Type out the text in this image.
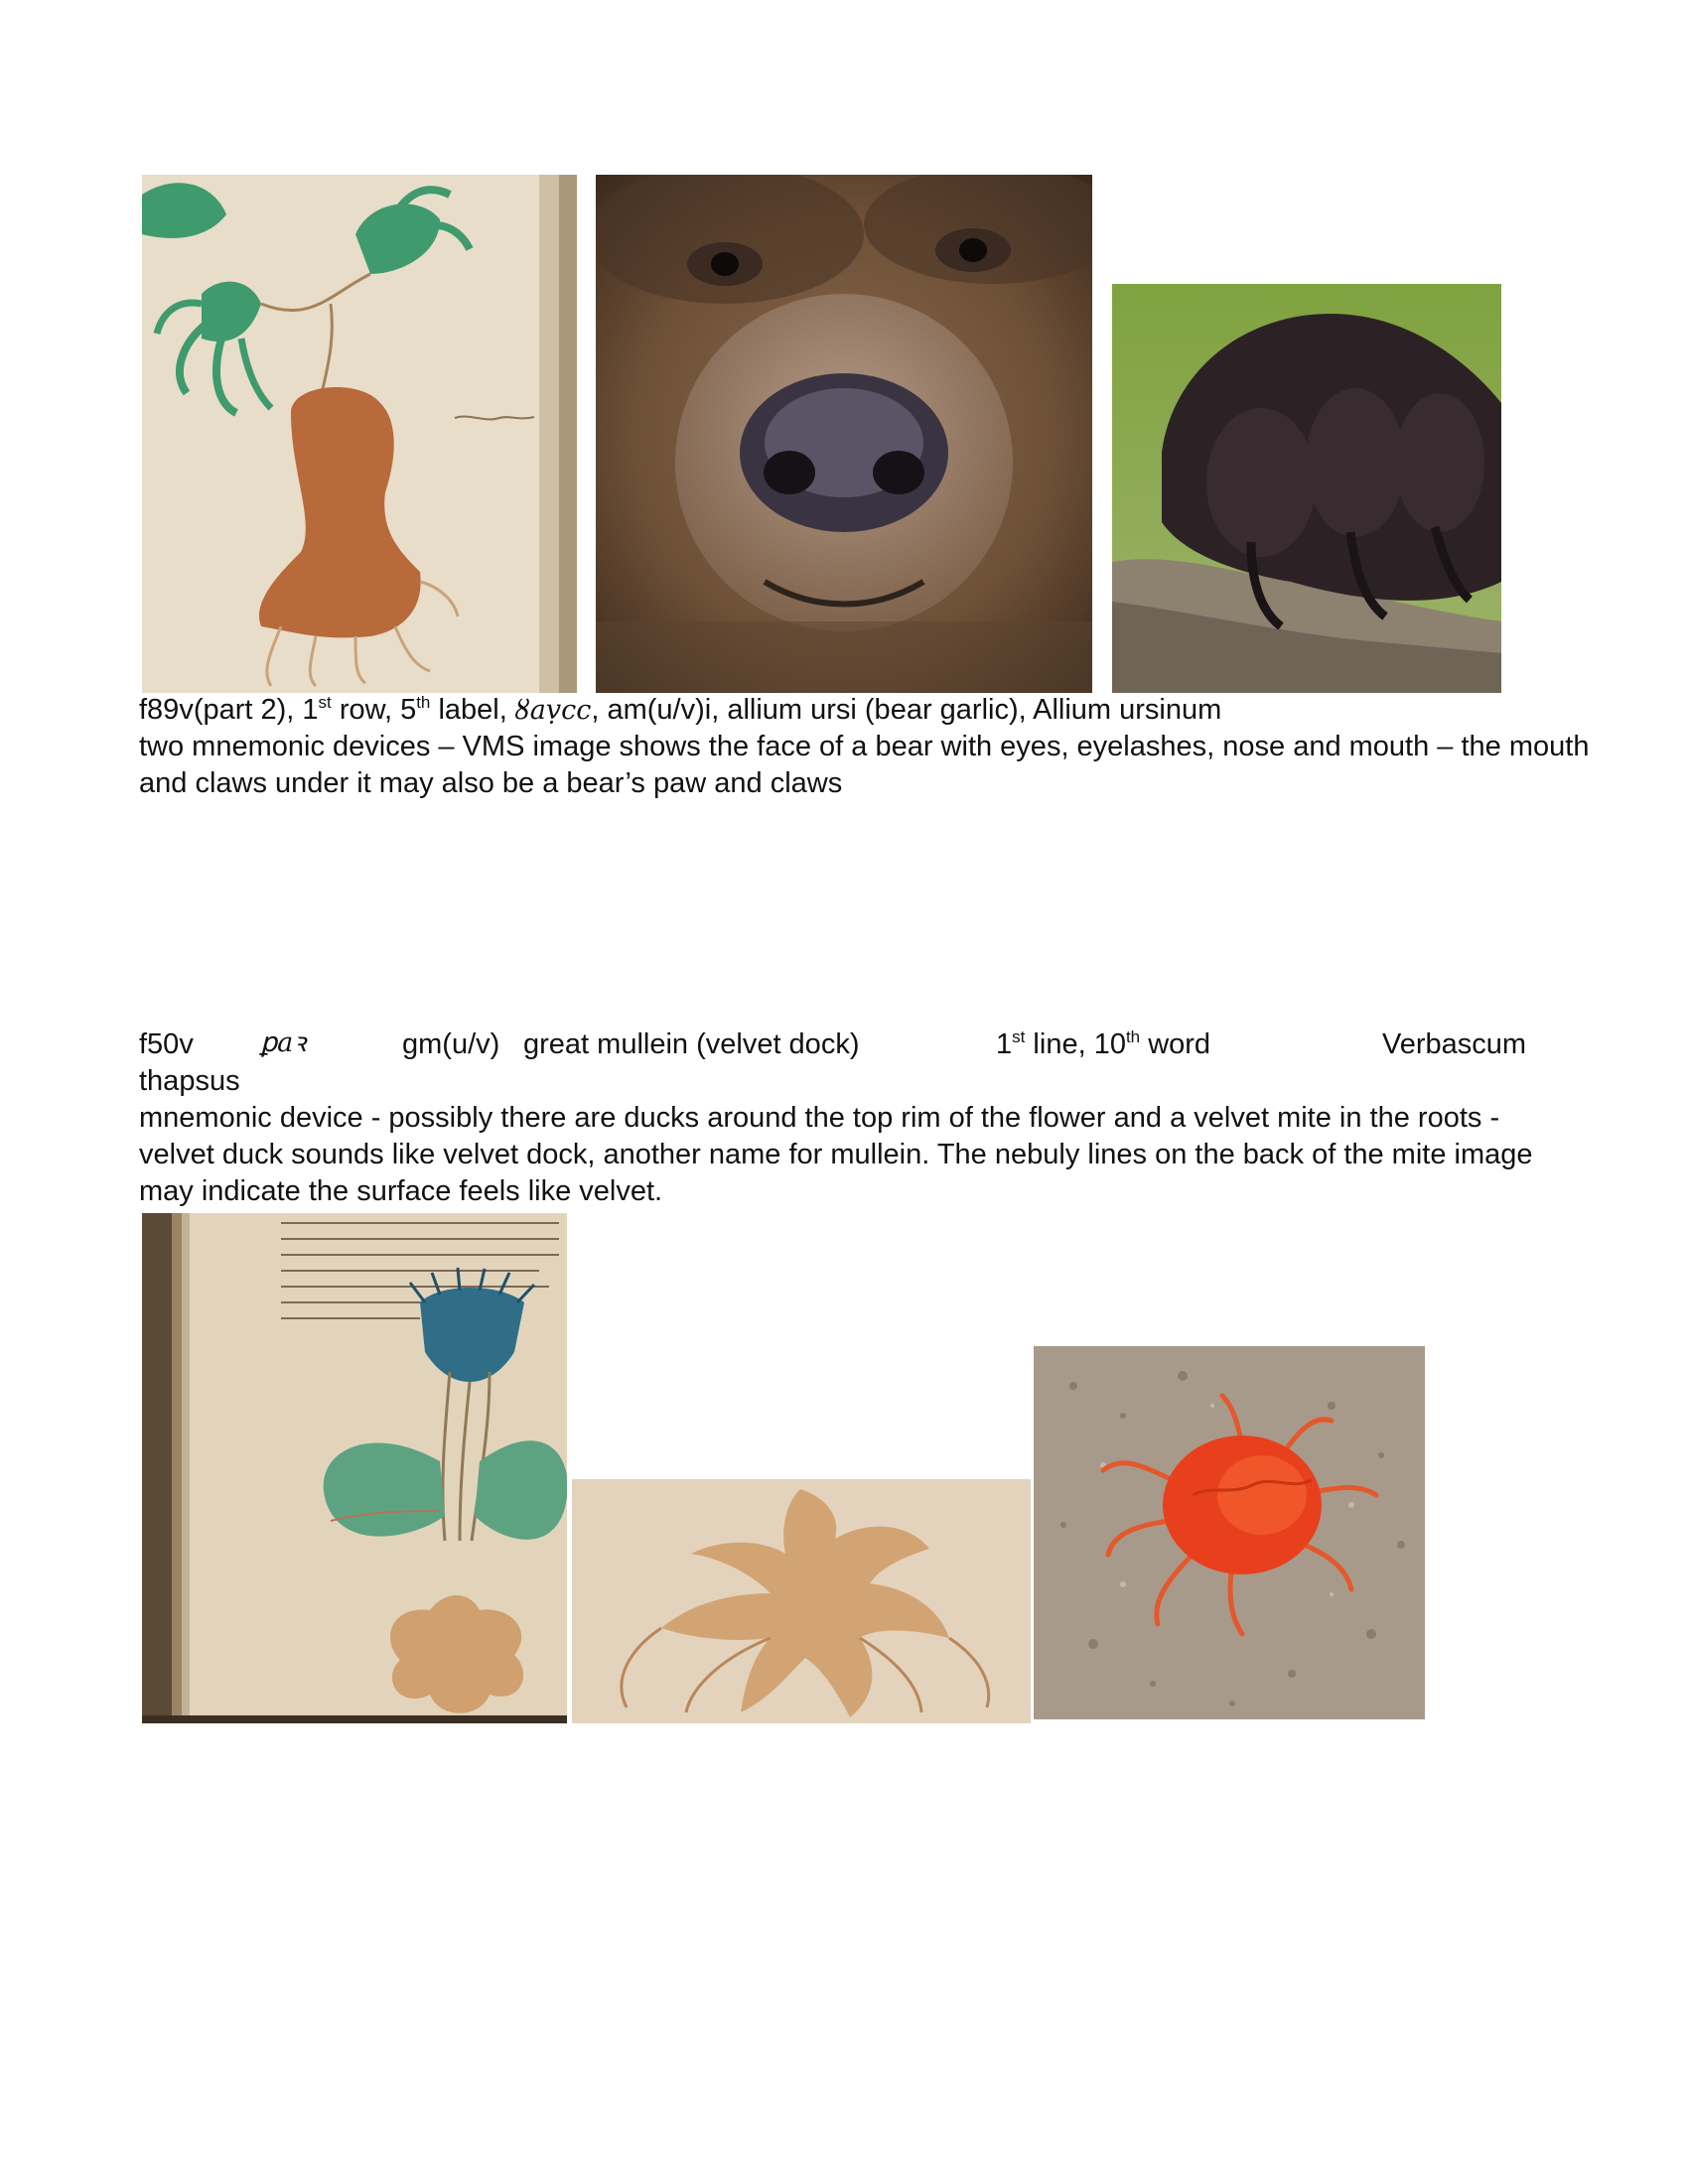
f89v(part 2), 1st row, 5th label, ȣaṿcc, am(u/v)i, allium ursi (bear garlic), Allium ursinum
two mnemonic devices – VMS image shows the face of a bear with eyes, eyelashes, nose and mouth – the mouth
and claws under it may also be a bear’s paw and claws
f50v ꝑaꝛ	gm(u/v) great mullein (velvet dock)	1st line, 10th word	Verbascum
thapsus
mnemonic device - possibly there are ducks around the top rim of the flower and a velvet mite in the roots -
velvet duck sounds like velvet dock, another name for mullein. The nebuly lines on the back of the mite image
may indicate the surface feels like velvet.
